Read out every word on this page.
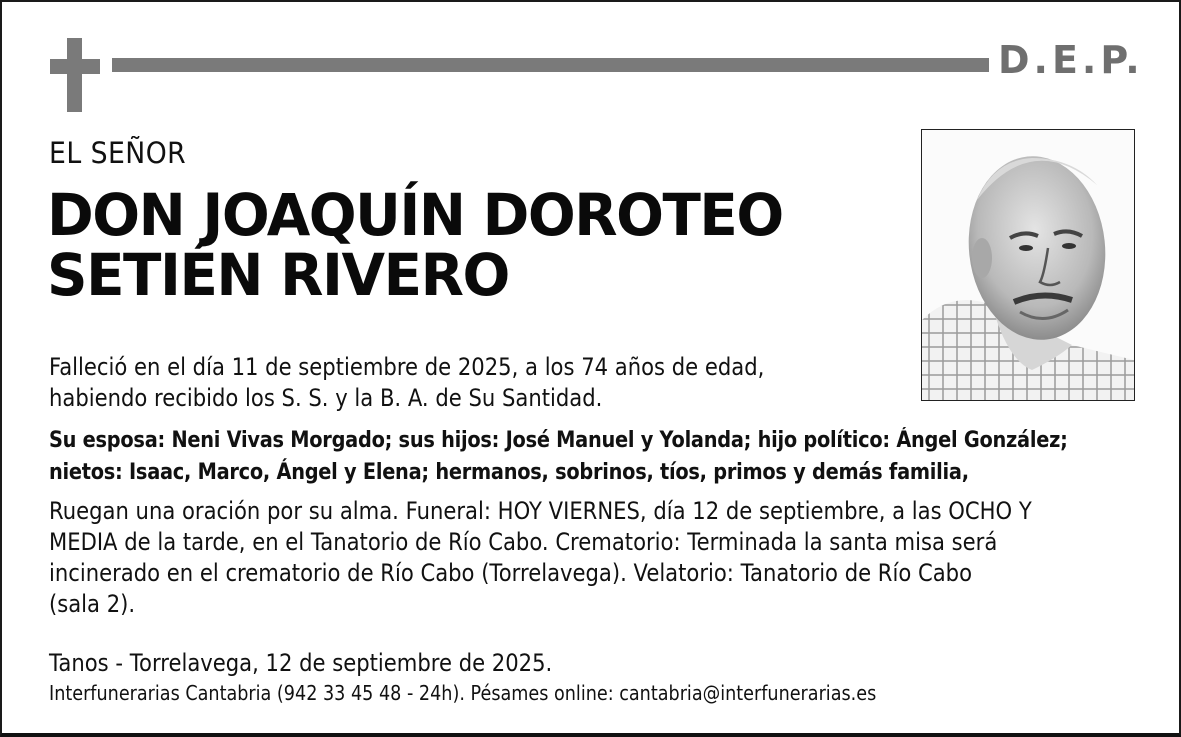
D.E.P.
EL SEÑOR
DON JOAQUÍN DOROTEO
SETIÉN RIVERO
Falleció en el día 11 de septiembre de 2025, a los 74 años de edad,
habiendo recibido los S. S. y la B. A. de Su Santidad.
Su esposa: Neni Vivas Morgado; sus hijos: José Manuel y Yolanda; hijo político: Ángel González;
nietos: Isaac, Marco, Ángel y Elena; hermanos, sobrinos, tíos, primos y demás familia,
Ruegan una oración por su alma. Funeral: HOY VIERNES, día 12 de septiembre, a las OCHO Y
MEDIA de la tarde, en el Tanatorio de Río Cabo. Crematorio: Terminada la santa misa será
incinerado en el crematorio de Río Cabo (Torrelavega). Velatorio: Tanatorio de Río Cabo
(sala 2).
Tanos - Torrelavega, 12 de septiembre de 2025.
Interfunerarias Cantabria (942 33 45 48 - 24h). Pésames online: cantabria@interfunerarias.es
